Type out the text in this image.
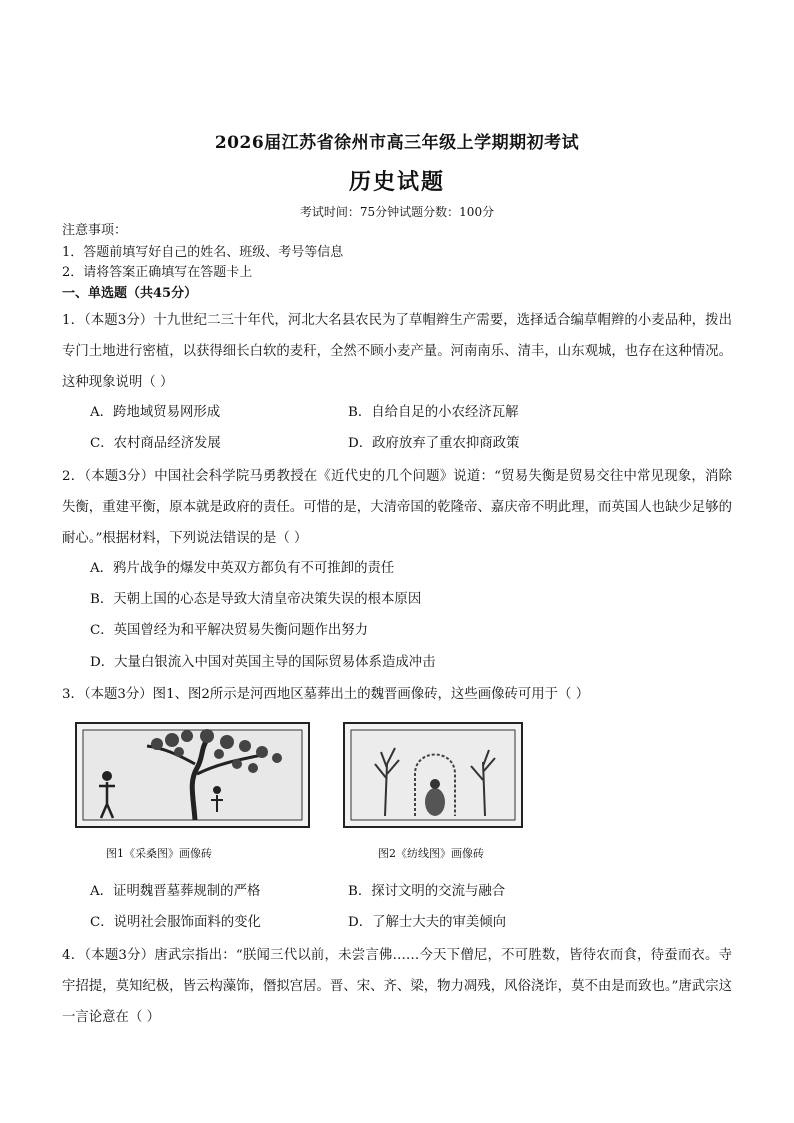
2026届江苏省徐州市高三年级上学期期初考试
历史试题
考试时间：75分钟试题分数：100分
注意事项：
1．答题前填写好自己的姓名、班级、考号等信息
2．请将答案正确填写在答题卡上
一、单选题（共45分）
1．（本题3分）十九世纪二三十年代，河北大名县农民为了草帽辫生产需要，选择适合编草帽辫的小麦品种，拨出专门土地进行密植，以获得细长白软的麦秆，全然不顾小麦产量。河南南乐、清丰，山东观城，也存在这种情况。这种现象说明（ ）
A．跨地域贸易网形成	B．自给自足的小农经济瓦解
C．农村商品经济发展	D．政府放弃了重农抑商政策
2．（本题3分）中国社会科学院马勇教授在《近代史的几个问题》说道：“贸易失衡是贸易交往中常见现象，消除失衡，重建平衡，原本就是政府的责任。可惜的是，大清帝国的乾隆帝、嘉庆帝不明此理，而英国人也缺少足够的耐心。”根据材料，下列说法错误的是（ ）
A．鸦片战争的爆发中英双方都负有不可推卸的责任
B．天朝上国的心态是导致大清皇帝决策失误的根本原因
C．英国曾经为和平解决贸易失衡问题作出努力
D．大量白银流入中国对英国主导的国际贸易体系造成冲击
3．（本题3分）图1、图2所示是河西地区墓葬出土的魏晋画像砖，这些画像砖可用于（ ）
图1《采桑图》画像砖	图2《纺线图》画像砖
A．证明魏晋墓葬规制的严格	B．探讨文明的交流与融合
C．说明社会服饰面料的变化	D．了解士大夫的审美倾向
4．（本题3分）唐武宗指出：“朕闻三代以前，未尝言佛……今天下僧尼，不可胜数，皆待农而食，待蚕而衣。寺宇招提，莫知纪极，皆云构藻饰，僭拟宫居。晋、宋、齐、梁，物力凋残，风俗浇诈，莫不由是而致也。”唐武宗这一言论意在（ ）
